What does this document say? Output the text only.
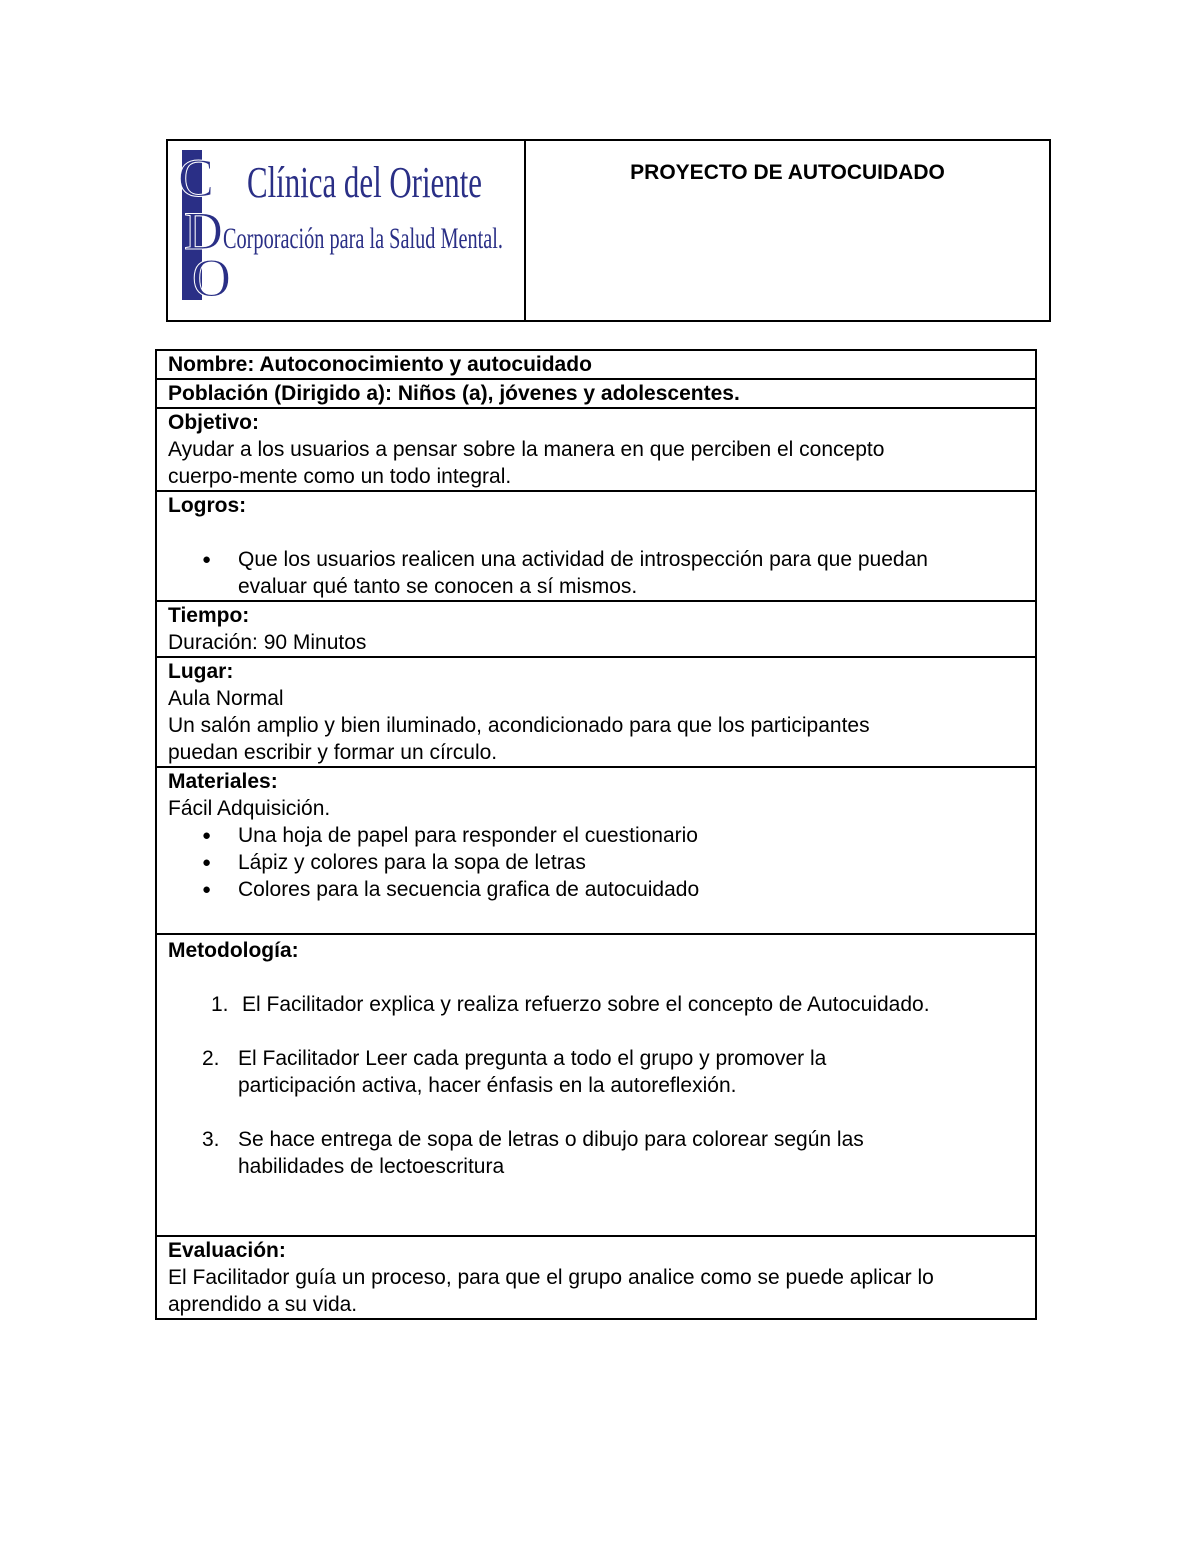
C
D
O
Clínica del Oriente
Corporación para la Salud Mental.
PROYECTO DE AUTOCUIDADO
Nombre: Autoconocimiento y autocuidado
Población (Dirigido a): Niños (a), jóvenes y adolescentes.
Objetivo:
Ayudar a los usuarios a pensar sobre la manera en que perciben el concepto
cuerpo-mente como un todo integral.
Logros:
● Que los usuarios realicen una actividad de introspección para que puedan
evaluar qué tanto se conocen a sí mismos.
Tiempo:
Duración: 90 Minutos
Lugar:
Aula Normal
Un salón amplio y bien iluminado, acondicionado para que los participantes
puedan escribir y formar un círculo.
Materiales:
Fácil Adquisición.
● Una hoja de papel para responder el cuestionario
● Lápiz y colores para la sopa de letras
● Colores para la secuencia grafica de autocuidado
Metodología:
1. El Facilitador explica y realiza refuerzo sobre el concepto de Autocuidado.
2. El Facilitador Leer cada pregunta a todo el grupo y promover la
participación activa, hacer énfasis en la autoreflexión.
3. Se hace entrega de sopa de letras o dibujo para colorear según las
habilidades de lectoescritura
Evaluación:
El Facilitador guía un proceso, para que el grupo analice como se puede aplicar lo
aprendido a su vida.
